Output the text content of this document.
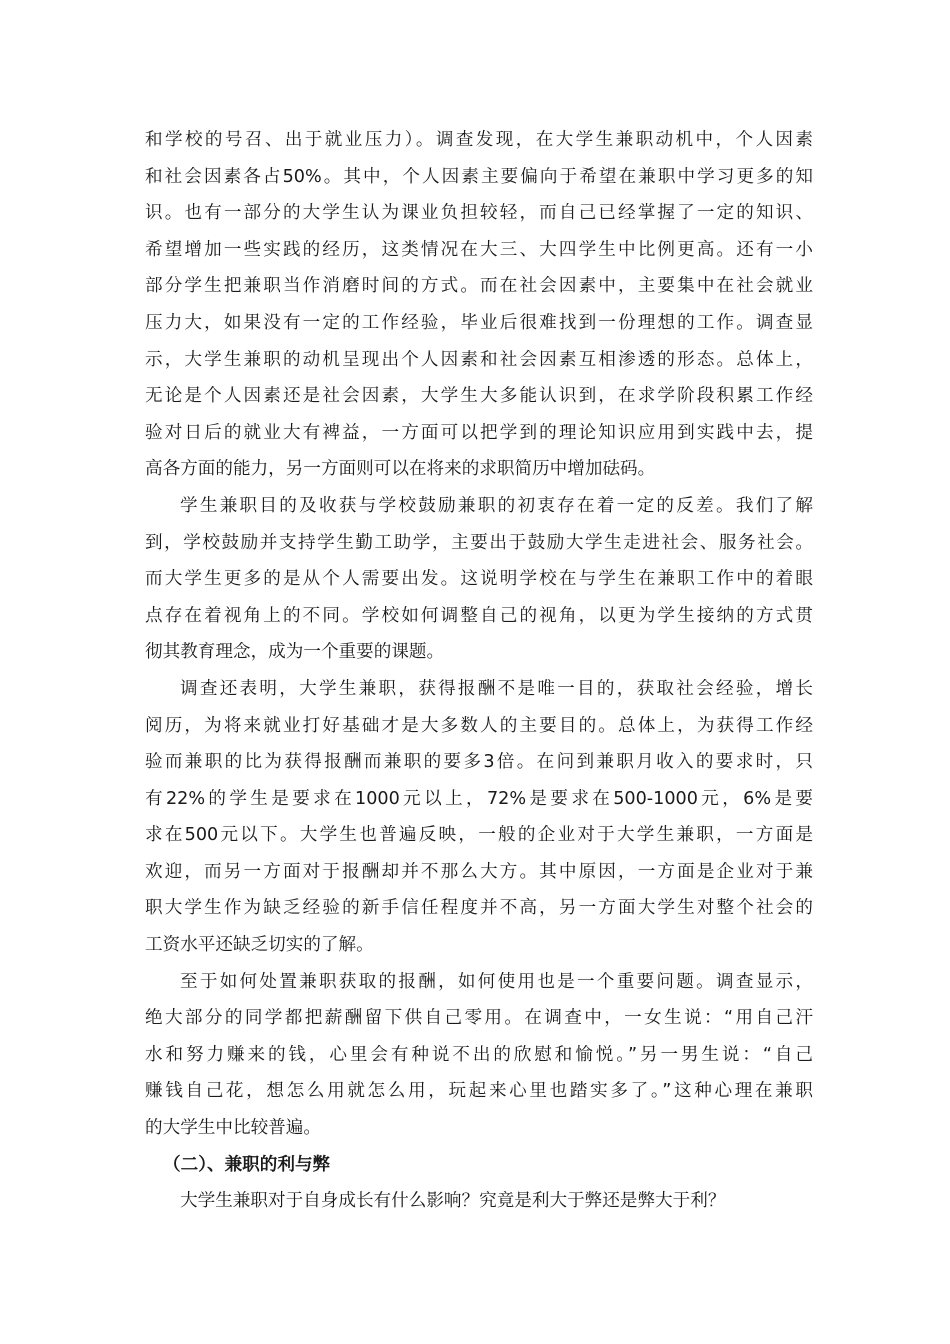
和学校的号召、出于就业压力）。调查发现，在大学生兼职动机中，个人因素
和社会因素各占50%。其中，个人因素主要偏向于希望在兼职中学习更多的知
识。也有一部分的大学生认为课业负担较轻，而自己已经掌握了一定的知识、
希望增加一些实践的经历，这类情况在大三、大四学生中比例更高。还有一小
部分学生把兼职当作消磨时间的方式。而在社会因素中，主要集中在社会就业
压力大，如果没有一定的工作经验，毕业后很难找到一份理想的工作。调查显
示，大学生兼职的动机呈现出个人因素和社会因素互相渗透的形态。总体上，
无论是个人因素还是社会因素，大学生大多能认识到，在求学阶段积累工作经
验对日后的就业大有裨益，一方面可以把学到的理论知识应用到实践中去，提
高各方面的能力，另一方面则可以在将来的求职简历中增加砝码。
学生兼职目的及收获与学校鼓励兼职的初衷存在着一定的反差。我们了解
到，学校鼓励并支持学生勤工助学，主要出于鼓励大学生走进社会、服务社会。
而大学生更多的是从个人需要出发。这说明学校在与学生在兼职工作中的着眼
点存在着视角上的不同。学校如何调整自己的视角，以更为学生接纳的方式贯
彻其教育理念，成为一个重要的课题。
调查还表明，大学生兼职，获得报酬不是唯一目的，获取社会经验，增长
阅历，为将来就业打好基础才是大多数人的主要目的。总体上，为获得工作经
验而兼职的比为获得报酬而兼职的要多3倍。在问到兼职月收入的要求时，只
有22%的学生是要求在1000元以上，72%是要求在500-1000元，6%是要
求在500元以下。大学生也普遍反映，一般的企业对于大学生兼职，一方面是
欢迎，而另一方面对于报酬却并不那么大方。其中原因，一方面是企业对于兼
职大学生作为缺乏经验的新手信任程度并不高，另一方面大学生对整个社会的
工资水平还缺乏切实的了解。
至于如何处置兼职获取的报酬，如何使用也是一个重要问题。调查显示，
绝大部分的同学都把薪酬留下供自己零用。在调查中，一女生说：“用自己汗
水和努力赚来的钱，心里会有种说不出的欣慰和愉悦。”另一男生说：“自己
赚钱自己花，想怎么用就怎么用，玩起来心里也踏实多了。”这种心理在兼职
的大学生中比较普遍。
（二）、兼职的利与弊
大学生兼职对于自身成长有什么影响？究竟是利大于弊还是弊大于利？
